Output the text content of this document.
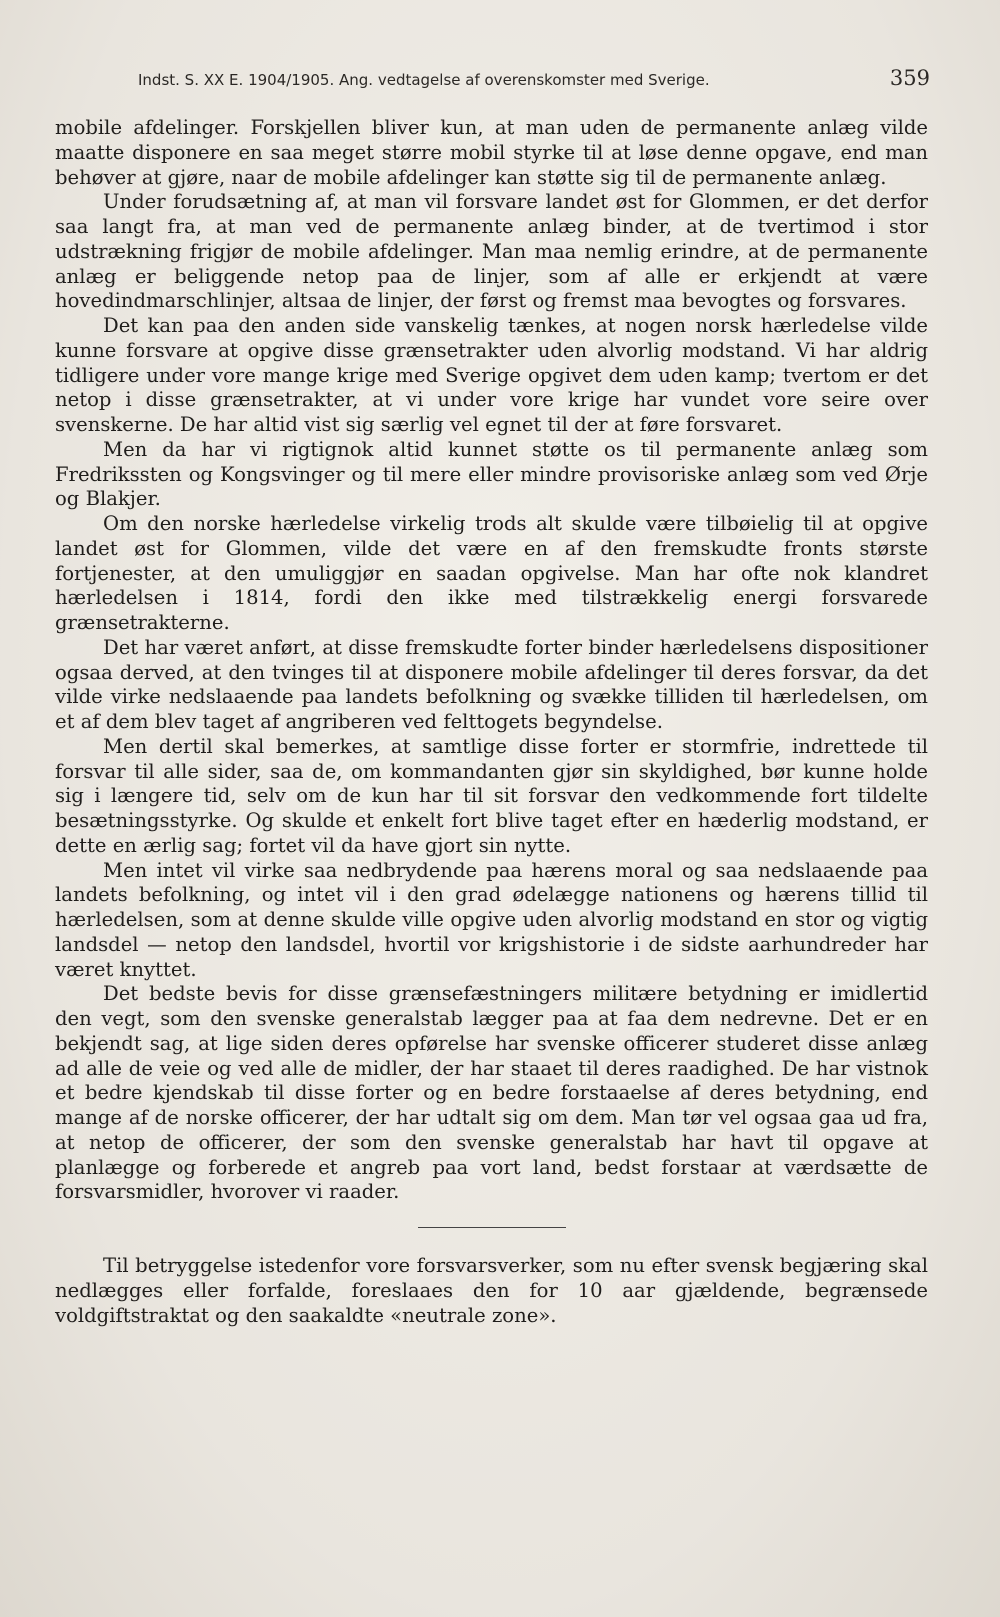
Indst. S. XX E. 1904/1905. Ang. vedtagelse af overenskomster med Sverige.	359

mobile afdelinger. Forskjellen bliver kun, at man uden de permanente anlæg vilde maatte disponere en saa meget større mobil styrke til at løse denne opgave, end man behøver at gjøre, naar de mobile afdelinger kan støtte sig til de permanente anlæg.

Under forudsætning af, at man vil forsvare landet øst for Glommen, er det derfor saa langt fra, at man ved de permanente anlæg binder, at de tvertimod i stor udstrækning frigjør de mobile afdelinger. Man maa nemlig erindre, at de permanente anlæg er beliggende netop paa de linjer, som af alle er erkjendt at være hovedindmarschlinjer, altsaa de linjer, der først og fremst maa bevogtes og forsvares.

Det kan paa den anden side vanskelig tænkes, at nogen norsk hærledelse vilde kunne forsvare at opgive disse grænsetrakter uden alvorlig modstand. Vi har aldrig tidligere under vore mange krige med Sverige opgivet dem uden kamp; tvertom er det netop i disse grænsetrakter, at vi under vore krige har vundet vore seire over svenskerne. De har altid vist sig særlig vel egnet til der at føre forsvaret.

Men da har vi rigtignok altid kunnet støtte os til permanente anlæg som Fredrikssten og Kongsvinger og til mere eller mindre provisoriske anlæg som ved Ørje og Blakjer.

Om den norske hærledelse virkelig trods alt skulde være tilbøielig til at opgive landet øst for Glommen, vilde det være en af den fremskudte fronts største fortjenester, at den umuliggjør en saadan opgivelse. Man har ofte nok klandret hærledelsen i 1814, fordi den ikke med tilstrækkelig energi forsvarede grænsetrakterne.

Det har været anført, at disse fremskudte forter binder hærledelsens dispositioner ogsaa derved, at den tvinges til at disponere mobile afdelinger til deres forsvar, da det vilde virke nedslaaende paa landets befolkning og svække tilliden til hærledelsen, om et af dem blev taget af angriberen ved felttogets begyndelse.

Men dertil skal bemerkes, at samtlige disse forter er stormfrie, indrettede til forsvar til alle sider, saa de, om kommandanten gjør sin skyldighed, bør kunne holde sig i længere tid, selv om de kun har til sit forsvar den vedkommende fort tildelte besætningsstyrke. Og skulde et enkelt fort blive taget efter en hæderlig modstand, er dette en ærlig sag; fortet vil da have gjort sin nytte.

Men intet vil virke saa nedbrydende paa hærens moral og saa nedslaaende paa landets befolkning, og intet vil i den grad ødelægge nationens og hærens tillid til hærledelsen, som at denne skulde ville opgive uden alvorlig modstand en stor og vigtig landsdel — netop den landsdel, hvortil vor krigshistorie i de sidste aarhundreder har været knyttet.

Det bedste bevis for disse grænsefæstningers militære betydning er imidlertid den vegt, som den svenske generalstab lægger paa at faa dem nedrevne. Det er en bekjendt sag, at lige siden deres opførelse har svenske officerer studeret disse anlæg ad alle de veie og ved alle de midler, der har staaet til deres raadighed. De har vistnok et bedre kjendskab til disse forter og en bedre forstaaelse af deres betydning, end mange af de norske officerer, der har udtalt sig om dem. Man tør vel ogsaa gaa ud fra, at netop de officerer, der som den svenske generalstab har havt til opgave at planlægge og forberede et angreb paa vort land, bedst forstaar at værdsætte de forsvarsmidler, hvorover vi raader.

Til betryggelse istedenfor vore forsvarsverker, som nu efter svensk begjæring skal nedlægges eller forfalde, foreslaaes den for 10 aar gjældende, begrænsede voldgiftstraktat og den saakaldte «neutrale zone».
